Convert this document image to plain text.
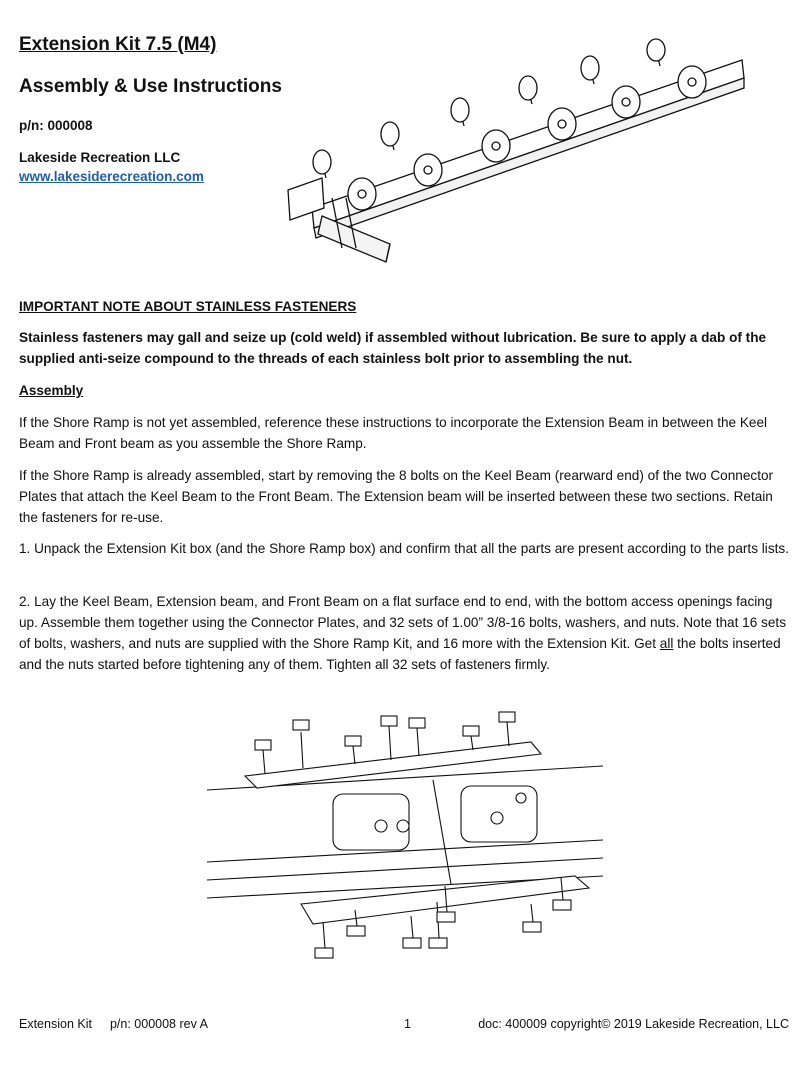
Extension Kit 7.5 (M4)
Assembly & Use Instructions
p/n: 000008
Lakeside Recreation LLC
www.lakesiderecreation.com
IMPORTANT NOTE ABOUT STAINLESS FASTENERS
Stainless fasteners may gall and seize up (cold weld) if assembled without lubrication. Be sure to apply a dab of the supplied anti-seize compound to the threads of each stainless bolt prior to assembling the nut.
Assembly
If the Shore Ramp is not yet assembled, reference these instructions to incorporate the Extension Beam in between the Keel Beam and Front beam as you assemble the Shore Ramp.
If the Shore Ramp is already assembled, start by removing the 8 bolts on the Keel Beam (rearward end) of the two Connector Plates that attach the Keel Beam to the Front Beam. The Extension beam will be inserted between these two sections. Retain the fasteners for re-use.
1. Unpack the Extension Kit box (and the Shore Ramp box) and confirm that all the parts are present according to the parts lists.
2. Lay the Keel Beam, Extension beam, and Front Beam on a flat surface end to end, with the bottom access openings facing up. Assemble them together using the Connector Plates, and 32 sets of 1.00” 3/8-16 bolts, washers, and nuts. Note that 16 sets of bolts, washers, and nuts are supplied with the Shore Ramp Kit, and 16 more with the Extension Kit. Get all the bolts inserted and the nuts started before tightening any of them. Tighten all 32 sets of fasteners firmly.
Extension Kit p/n: 000008 rev A	1	doc: 400009 copyright© 2019 Lakeside Recreation, LLC
